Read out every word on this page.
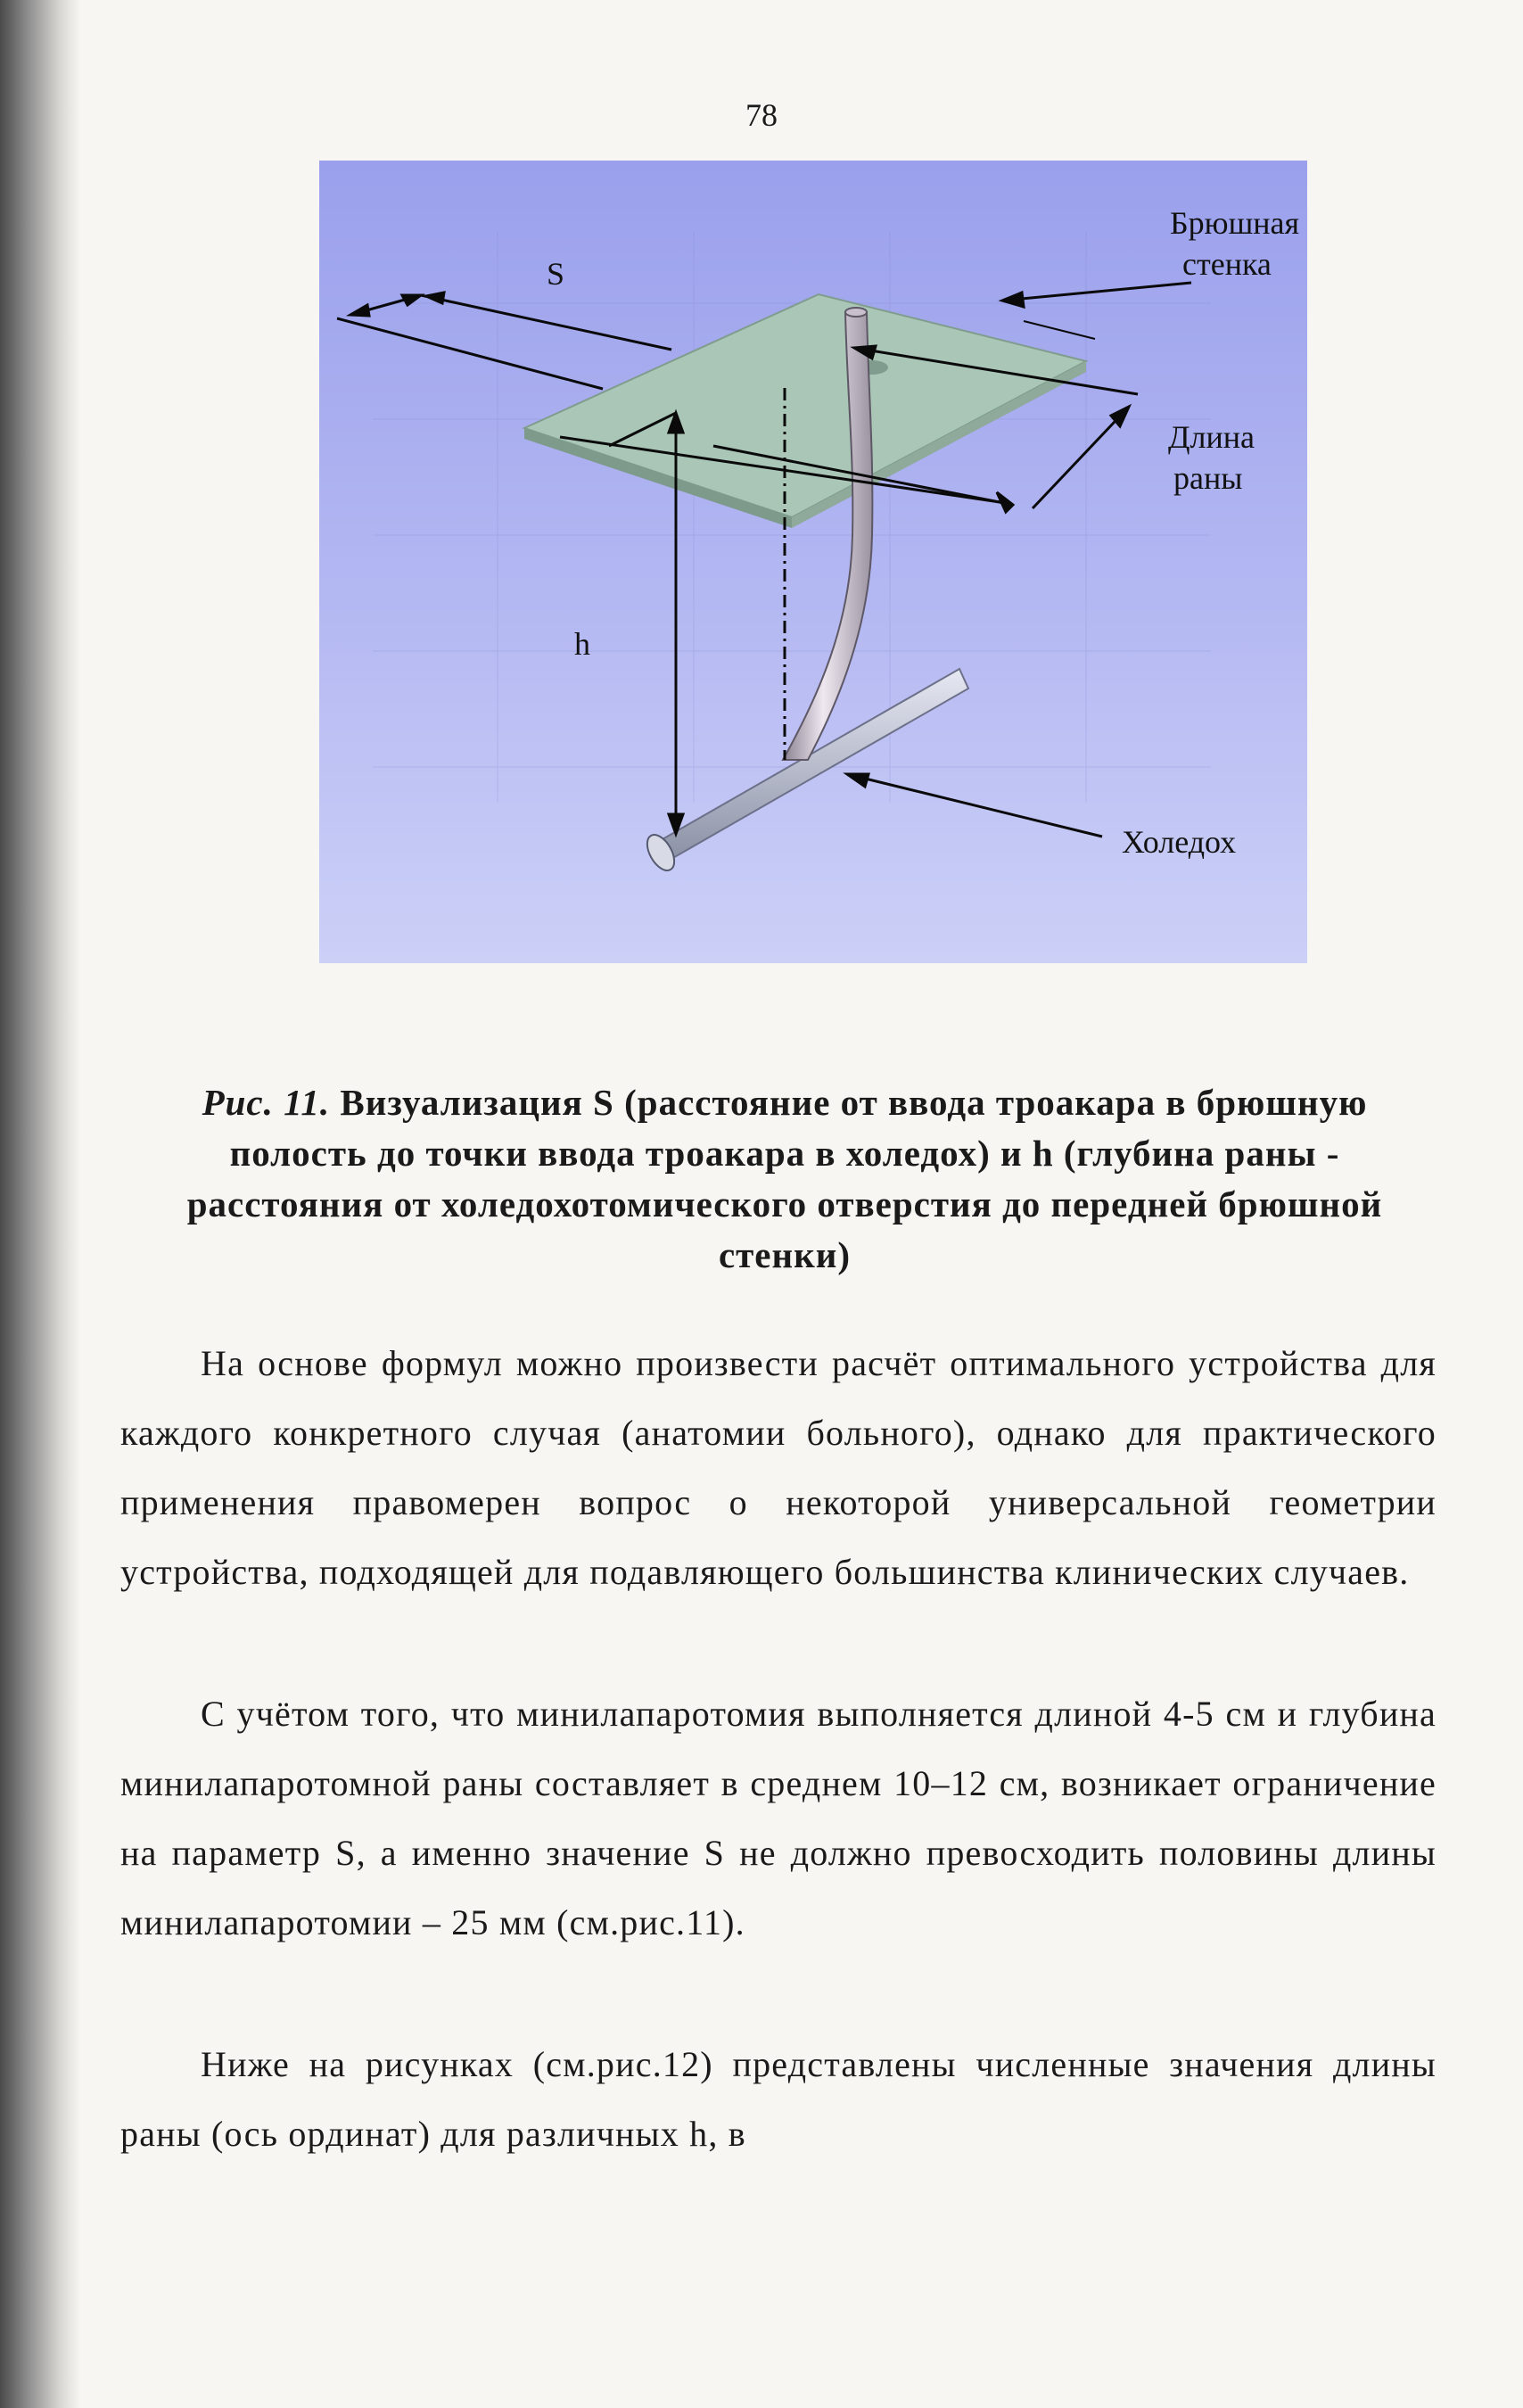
78
S
h
Брюшная
стенка
Длина
раны
Холедох
Рис. 11. Визуализация S (расстояние от ввода троакара в брюшную полость до точки ввода троакара в холедох) и h (глубина раны - расстояния от холедохотомического отверстия до передней брюшной стенки)
На основе формул можно произвести расчёт оптимального устройства для каждого конкретного случая (анатомии больного), однако для практического применения правомерен вопрос о некоторой универсальной геометрии устройства, подходящей для подавляющего большинства клинических случаев.
С учётом того, что минилапаротомия выполняется длиной 4-5 см и глубина минилапаротомной раны составляет в среднем 10–12 см, возникает ограничение на параметр S, а именно значение S не должно превосходить половины длины минилапаротомии – 25 мм (см.рис.11).
Ниже на рисунках (см.рис.12) представлены численные значения длины раны (ось ординат) для различных h, в
